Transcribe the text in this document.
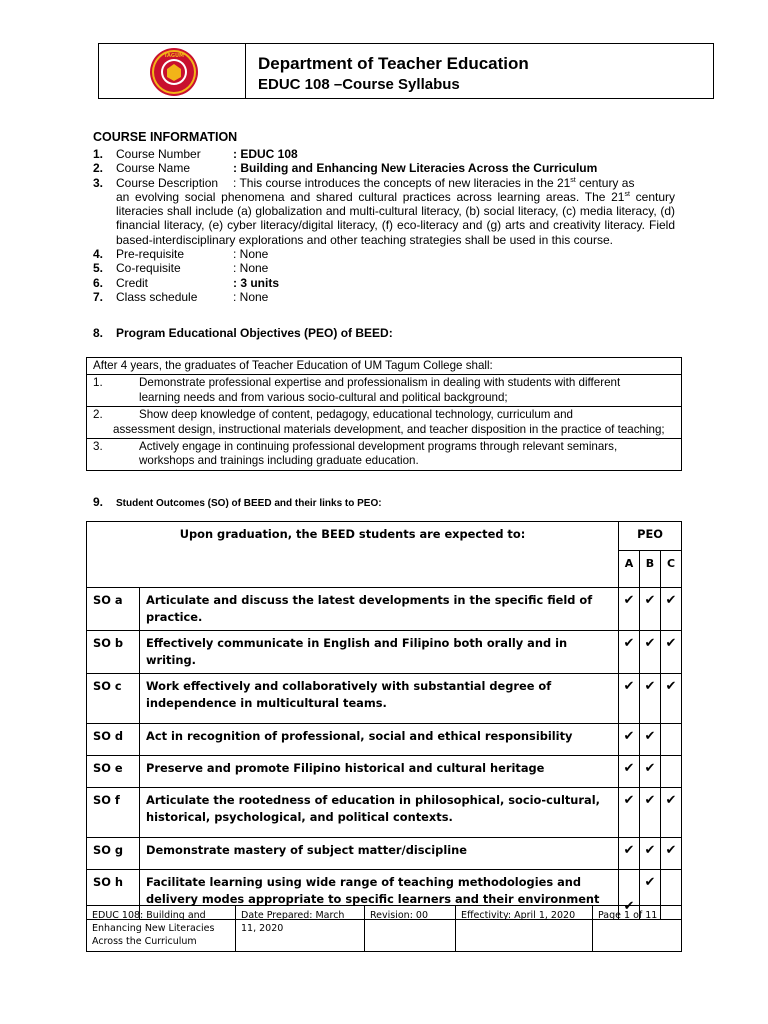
TAGUM	Department of Teacher Education
EDUC 108 –Course Syllabus
COURSE INFORMATION
1.	Course Number	: EDUC 108
2.	Course Name	: Building and Enhancing New Literacies Across the Curriculum
3.	Course Description	: This course introduces the concepts of new literacies in the 21st century as
an evolving social phenomena and shared cultural practices across learning areas. The 21st century literacies shall include (a) globalization and multi-cultural literacy, (b) social literacy, (c) media literacy, (d) financial literacy, (e) cyber literacy/digital literacy, (f) eco-literacy and (g) arts and creativity literacy. Field based-interdisciplinary explorations and other teaching strategies shall be used in this course.
4.	Pre-requisite	: None
5.	Co-requisite	: None
6.	Credit	: 3 units
7.	Class schedule	: None
8. Program Educational Objectives (PEO) of BEED:
After 4 years, the graduates of Teacher Education of UM Tagum College shall:
1.	Demonstrate professional expertise and professionalism in dealing with students with different
learning needs and from various socio-cultural and political background;
2.	Show deep knowledge of content, pedagogy, educational technology, curriculum and
assessment design, instructional materials development, and teacher disposition in the practice of teaching;
3.	Actively engage in continuing professional development programs through relevant seminars,
workshops and trainings including graduate education.
9. Student Outcomes (SO) of BEED and their links to PEO:
Upon graduation, the BEED students are expected to:		PEO		
		A	B	C
SO a	Articulate and discuss the latest developments in the specific field of practice.	✔	✔	✔
SO b	Effectively communicate in English and Filipino both orally and in writing.	✔	✔	✔
SO c	Work effectively and collaboratively with substantial degree of independence in multicultural teams.	✔	✔	✔
SO d	Act in recognition of professional, social and ethical responsibility	✔	✔	
SO e	Preserve and promote Filipino historical and cultural heritage	✔	✔	
SO f	Articulate the rootedness of education in philosophical, socio-cultural, historical, psychological, and political contexts.	✔	✔	✔
SO g	Demonstrate mastery of subject matter/discipline	✔	✔	✔
SO h	Facilitate learning using wide range of teaching methodologies and delivery modes appropriate to specific learners and their environment	✔	✔	
EDUC 108: Building and Enhancing New Literacies Across the Curriculum	Date Prepared: March 11, 2020	Revision: 00	Effectivity: April 1, 2020	Page 1 of 11
